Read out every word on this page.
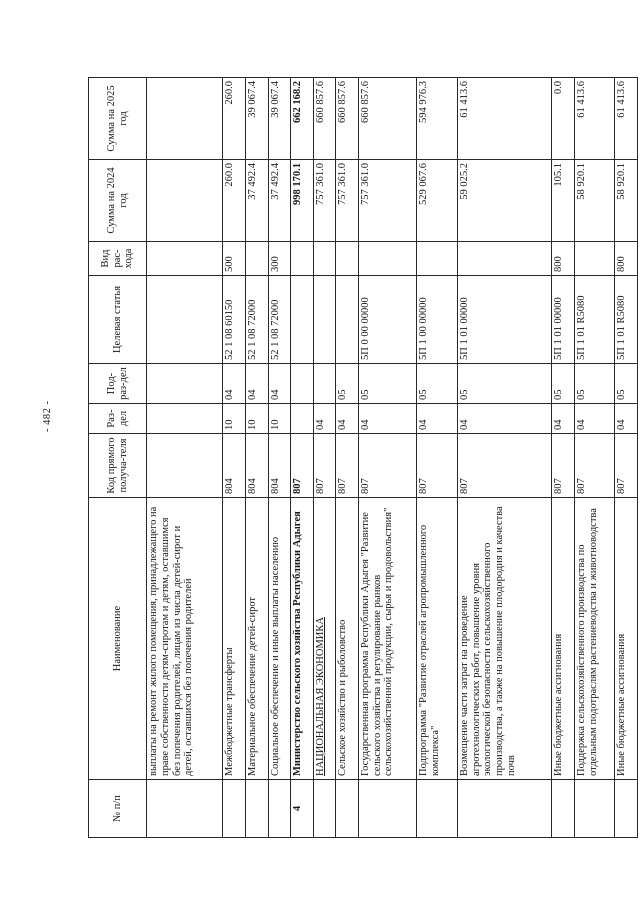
- 482 -
№ п/п	Наименование	Код прямого получа-теля	Раз-дел	Под-раз-дел	Целевая статья	Вид рас-хода	Сумма на 2024 год	Сумма на 2025 год
	выплаты на ремонт жилого помещения, принадлежащего на праве собственности детям-сиротам и детям, оставшимся без попечения родителей, лицам из числа детей-сирот и детей, оставшихся без попечения родителей							
	Межбюджетные трансферты	804	10	04	52 1 08 60150	500	260.0	260.0
	Материальное обеспечение детей-сирот	804	10	04	52 1 08 72000		37 492.4	39 067.4
	Социальное обеспечение и иные выплаты населению	804	10	04	52 1 08 72000	300	37 492.4	39 067.4
4	Министерство сельского хозяйства Республики Адыгея	807					998 170.1	662 168.2
	НАЦИОНАЛЬНАЯ ЭКОНОМИКА	807	04				757 361.0	660 857.6
	Сельское хозяйство и рыболовство	807	04	05			757 361.0	660 857.6
	Государственная программа Республики Адыгея "Развитие сельского хозяйства и регулирование рынков сельскохозяйственной продукции, сырья и продовольствия"	807	04	05	5П 0 00 00000		757 361.0	660 857.6
	Подпрограмма "Развитие отраслей агропромышленного комплекса"	807	04	05	5П 1 00 00000		529 067.6	594 976.3
	Возмещение части затрат на проведение агротехнологических работ, повышение уровня экологической безопасности сельскохозяйственного производства, а также на повышение плодородия и качества почв	807	04	05	5П 1 01 00000		59 025.2	61 413.6
	Иные бюджетные ассигнования	807	04	05	5П 1 01 00000	800	105.1	0.0
	Поддержка сельскохозяйственного производства по отдельным подотраслям растениеводства и животноводства	807	04	05	5П 1 01 R5080		58 920.1	61 413.6
	Иные бюджетные ассигнования	807	04	05	5П 1 01 R5080	800	58 920.1	61 413.6
